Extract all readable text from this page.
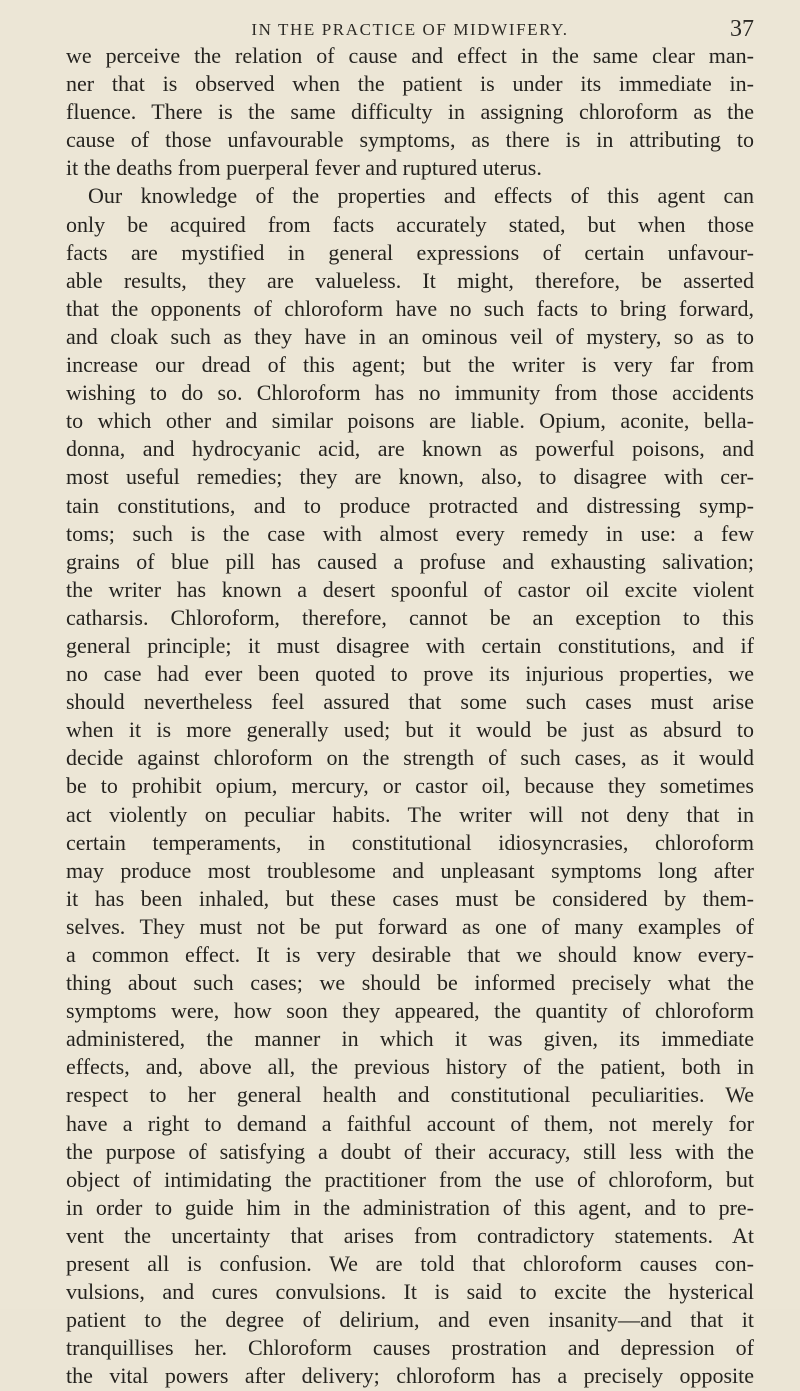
IN THE PRACTICE OF MIDWIFERY.	37
we perceive the relation of cause and effect in the same clear man-
ner that is observed when the patient is under its immediate in-
fluence. There is the same difficulty in assigning chloroform as the
cause of those unfavourable symptoms, as there is in attributing to
it the deaths from puerperal fever and ruptured uterus.
Our knowledge of the properties and effects of this agent can
only be acquired from facts accurately stated, but when those
facts are mystified in general expressions of certain unfavour-
able results, they are valueless. It might, therefore, be asserted
that the opponents of chloroform have no such facts to bring forward,
and cloak such as they have in an ominous veil of mystery, so as to
increase our dread of this agent; but the writer is very far from
wishing to do so. Chloroform has no immunity from those accidents
to which other and similar poisons are liable. Opium, aconite, bella-
donna, and hydrocyanic acid, are known as powerful poisons, and
most useful remedies; they are known, also, to disagree with cer-
tain constitutions, and to produce protracted and distressing symp-
toms; such is the case with almost every remedy in use: a few
grains of blue pill has caused a profuse and exhausting salivation;
the writer has known a desert spoonful of castor oil excite violent
catharsis. Chloroform, therefore, cannot be an exception to this
general principle; it must disagree with certain constitutions, and if
no case had ever been quoted to prove its injurious properties, we
should nevertheless feel assured that some such cases must arise
when it is more generally used; but it would be just as absurd to
decide against chloroform on the strength of such cases, as it would
be to prohibit opium, mercury, or castor oil, because they sometimes
act violently on peculiar habits. The writer will not deny that in
certain temperaments, in constitutional idiosyncrasies, chloroform
may produce most troublesome and unpleasant symptoms long after
it has been inhaled, but these cases must be considered by them-
selves. They must not be put forward as one of many examples of
a common effect. It is very desirable that we should know every-
thing about such cases; we should be informed precisely what the
symptoms were, how soon they appeared, the quantity of chloroform
administered, the manner in which it was given, its immediate
effects, and, above all, the previous history of the patient, both in
respect to her general health and constitutional peculiarities. We
have a right to demand a faithful account of them, not merely for
the purpose of satisfying a doubt of their accuracy, still less with the
object of intimidating the practitioner from the use of chloroform, but
in order to guide him in the administration of this agent, and to pre-
vent the uncertainty that arises from contradictory statements. At
present all is confusion. We are told that chloroform causes con-
vulsions, and cures convulsions. It is said to excite the hysterical
patient to the degree of delirium, and even insanity—and that it
tranquillises her. Chloroform causes prostration and depression of
the vital powers after delivery; chloroform has a precisely opposite
